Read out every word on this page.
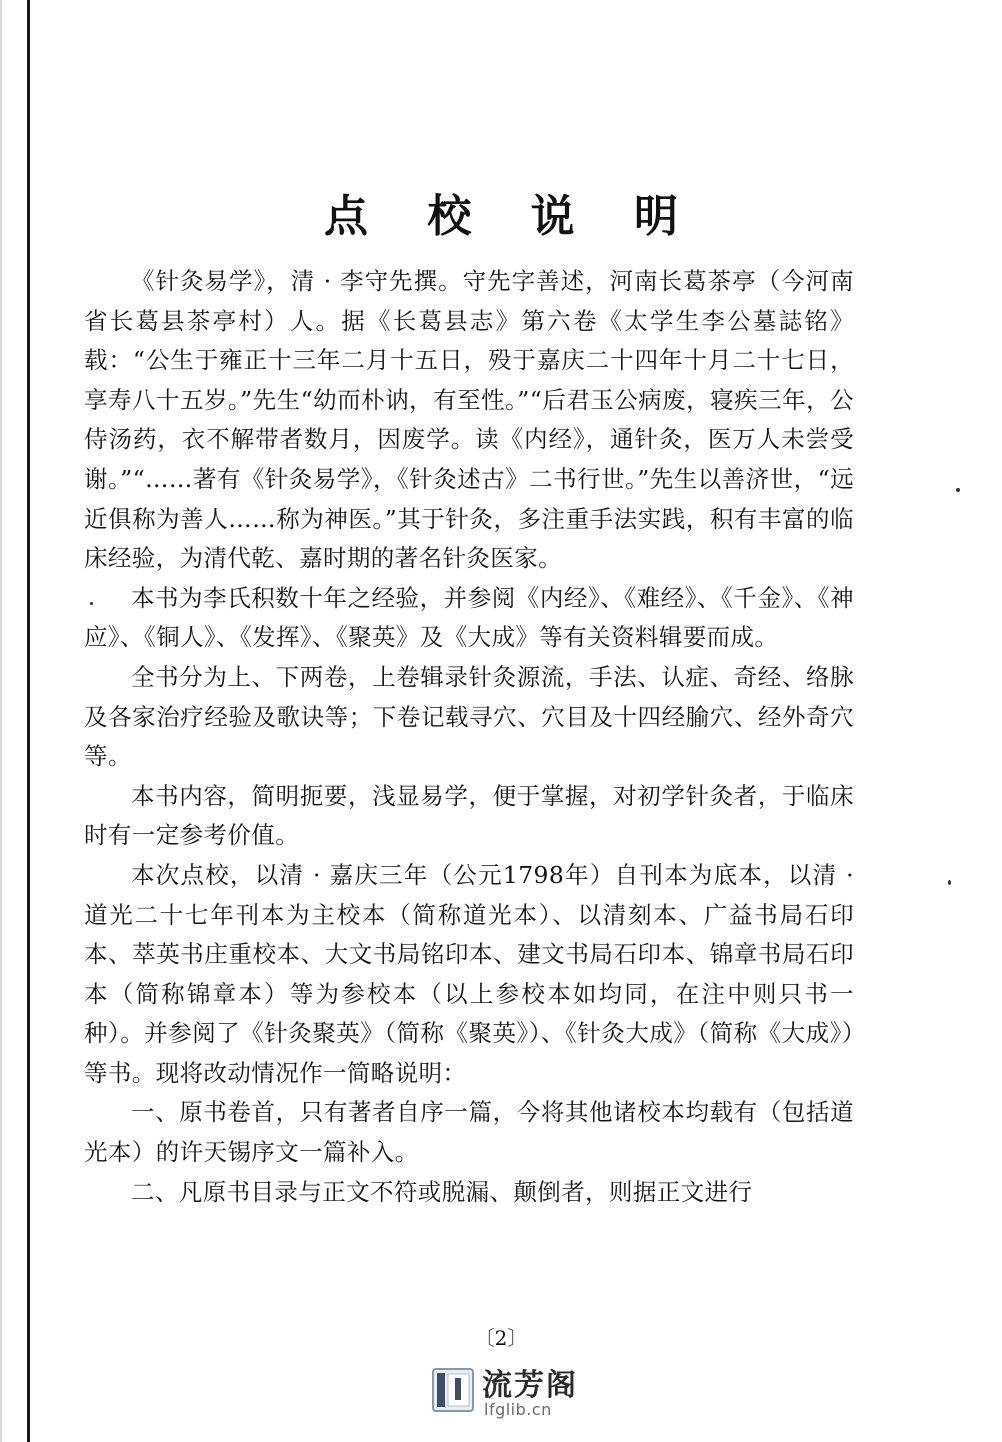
点 校 说 明

《针灸易学》，清 · 李守先撰。守先字善述，河南长葛茶亭（今河南省长葛县茶亭村）人。据《长葛县志》第六卷《太学生李公墓誌铭》载：“公生于雍正十三年二月十五日，殁于嘉庆二十四年十月二十七日，享寿八十五岁。”先生“幼而朴讷，有至性。”“后君玉公病废，寝疾三年，公侍汤药，衣不解带者数月，因废学。读《内经》，通针灸，医万人未尝受谢。”“……著有《针灸易学》，《针灸述古》二书行世。”先生以善济世，“远近俱称为善人……称为神医。”其于针灸，多注重手法实践，积有丰富的临床经验，为清代乾、嘉时期的著名针灸医家。

本书为李氏积数十年之经验，并参阅《内经》、《难经》、《千金》、《神应》、《铜人》、《发挥》、《聚英》及《大成》等有关资料辑要而成。

全书分为上、下两卷，上卷辑录针灸源流，手法、认症、奇经、络脉及各家治疗经验及歌诀等；下卷记载寻穴、穴目及十四经腧穴、经外奇穴等。

本书内容，简明扼要，浅显易学，便于掌握，对初学针灸者，于临床时有一定参考价值。

本次点校，以清 · 嘉庆三年（公元1798年）自刊本为底本，以清 · 道光二十七年刊本为主校本（简称道光本）、以清刻本、广益书局石印本、萃英书庄重校本、大文书局铭印本、建文书局石印本、锦章书局石印本（简称锦章本）等为参校本（以上参校本如均同，在注中则只书一种）。并参阅了《针灸聚英》（简称《聚英》）、《针灸大成》（简称《大成》）等书。现将改动情况作一简略说明：

一、原书卷首，只有著者自序一篇，今将其他诸校本均载有（包括道光本）的许天锡序文一篇补入。

二、凡原书目录与正文不符或脱漏、颠倒者，则据正文进行

〔2〕
流芳阁
lfglib.cn
